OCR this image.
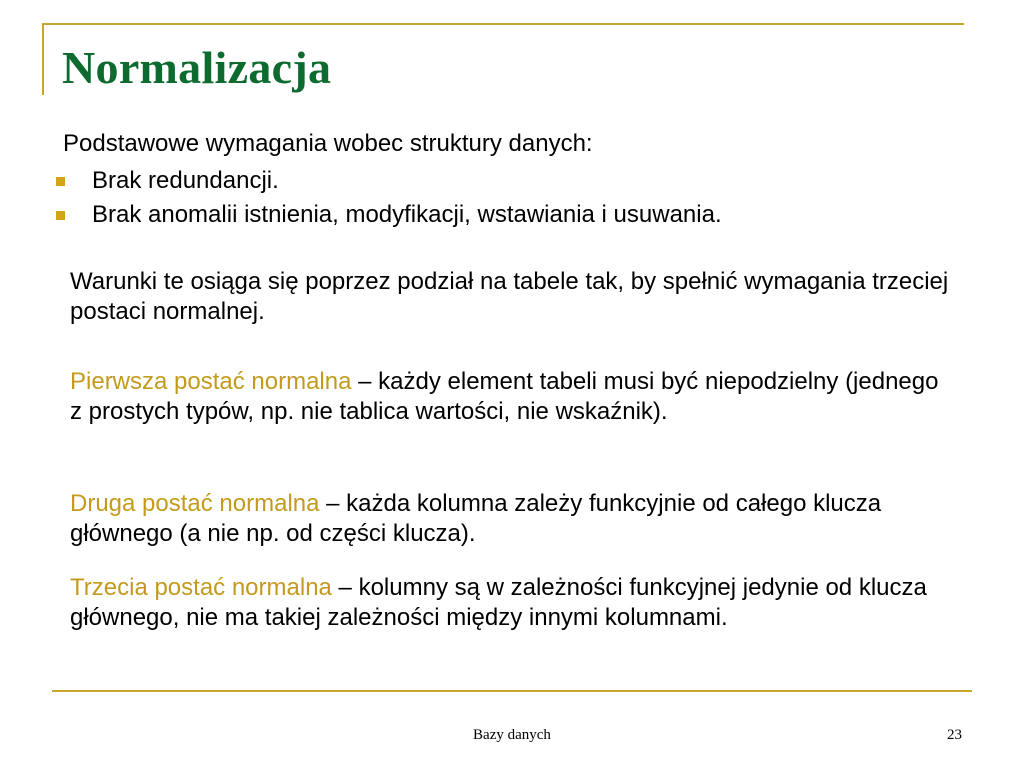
Normalizacja
Podstawowe wymagania wobec struktury danych:
Brak redundancji.
Brak anomalii istnienia, modyfikacji, wstawiania i usuwania.
Warunki te osiąga się poprzez podział na tabele tak, by spełnić wymagania trzeciej postaci normalnej.
Pierwsza postać normalna – każdy element tabeli musi być niepodzielny (jednego z prostych typów, np. nie tablica wartości, nie wskaźnik).
Druga postać normalna – każda kolumna zależy funkcyjnie od całego klucza głównego (a nie np. od części klucza).
Trzecia postać normalna – kolumny są w zależności funkcyjnej jedynie od klucza głównego, nie ma takiej zależności między innymi kolumnami.
Bazy danych	23
